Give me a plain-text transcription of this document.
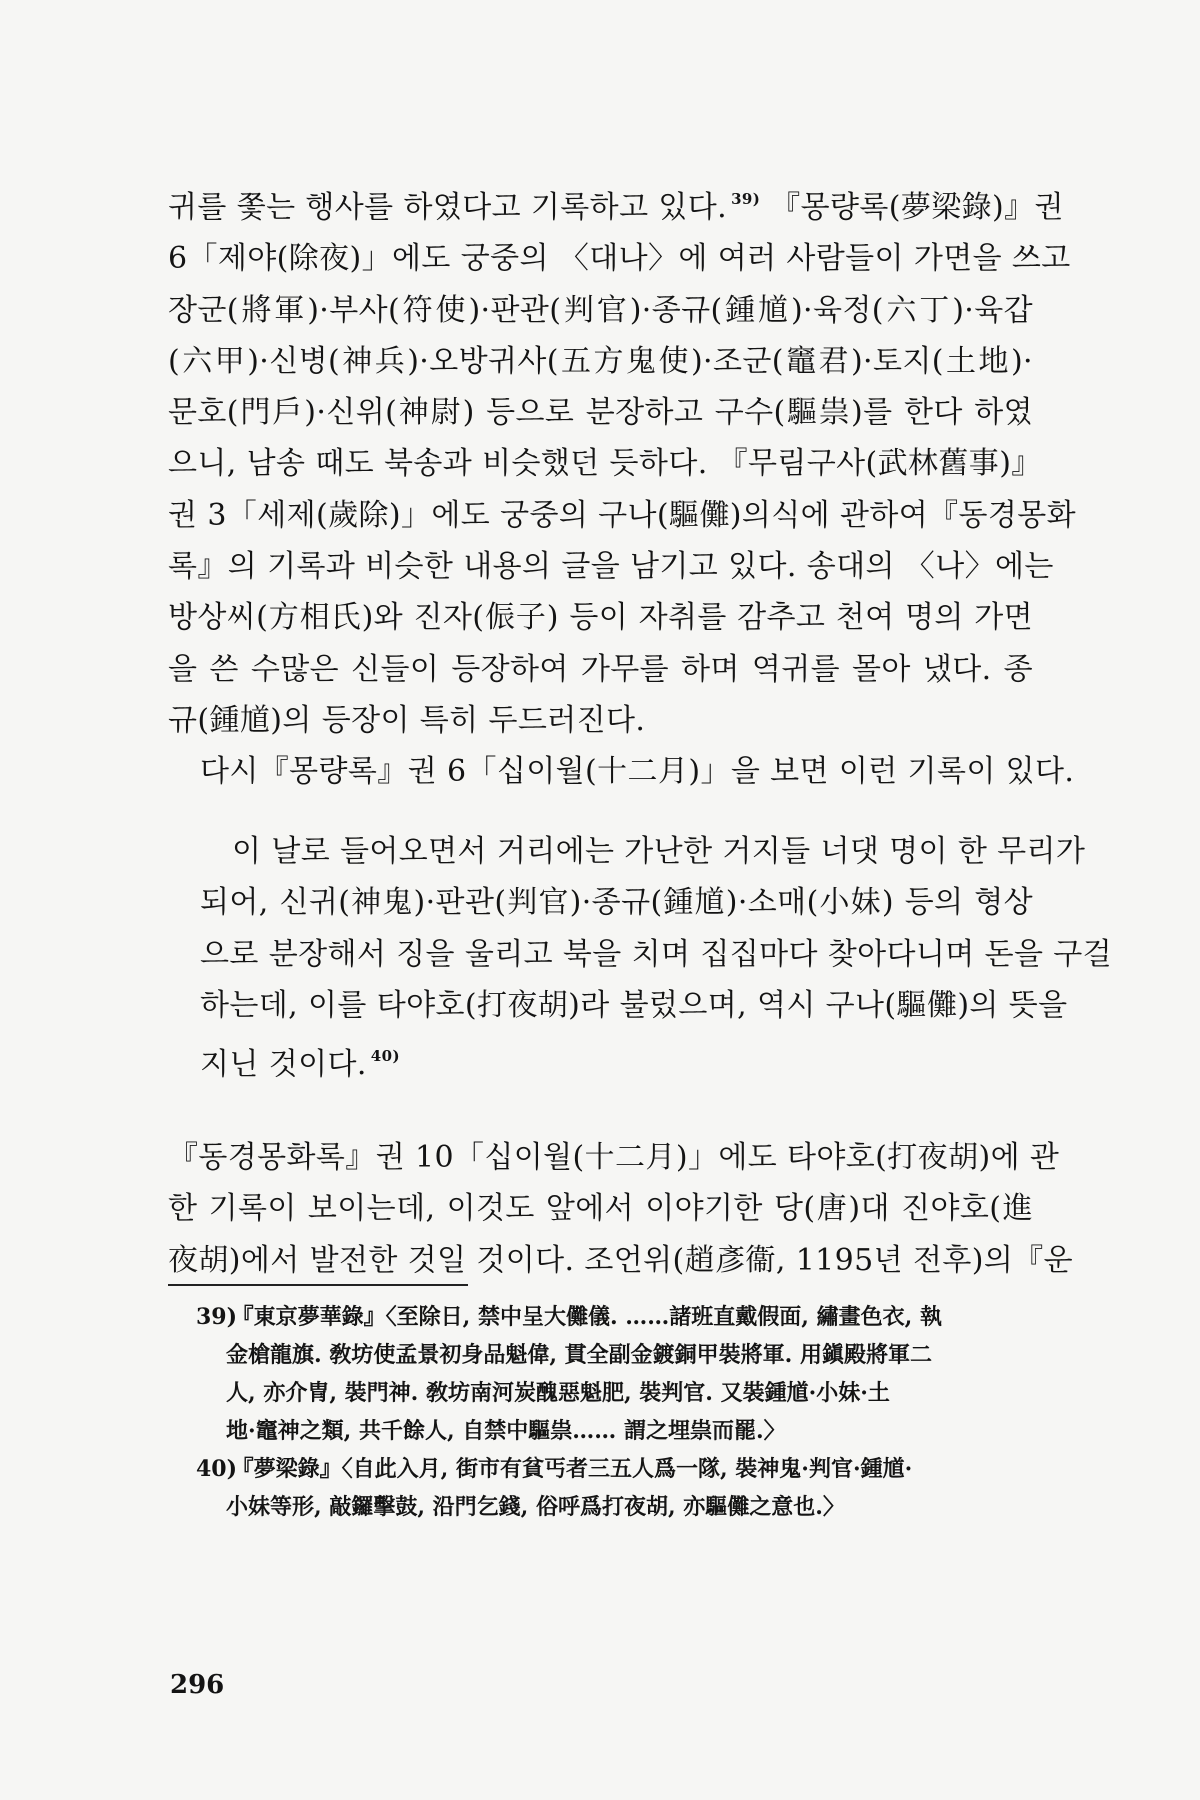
귀를 쫓는 행사를 하였다고 기록하고 있다. $^{39)}$ 『몽량록(夢梁錄)』권
6「제야(除夜)」에도 궁중의 〈대나〉에 여러 사람들이 가면을 쓰고
장군(將軍)·부사(符使)·판관(判官)·종규(鍾馗)·육정(六丁)·육갑
(六甲)·신병(神兵)·오방귀사(五方鬼使)·조군(竈君)·토지(土地)·
문호(門戶)·신위(神尉) 등으로 분장하고 구수(驅祟)를 한다 하였
으니, 남송 때도 북송과 비슷했던 듯하다. 『무림구사(武林舊事)』
권 3「세제(歲除)」에도 궁중의 구나(驅儺)의식에 관하여『동경몽화
록』의 기록과 비슷한 내용의 글을 남기고 있다. 송대의 〈나〉에는
방상씨(方相氏)와 진자(侲子) 등이 자취를 감추고 천여 명의 가면
을 쓴 수많은 신들이 등장하여 가무를 하며 역귀를 몰아 냈다. 종
규(鍾馗)의 등장이 특히 두드러진다.
다시『몽량록』권 6「십이월(十二月)」을 보면 이런 기록이 있다.
이 날로 들어오면서 거리에는 가난한 거지들 너댓 명이 한 무리가
되어, 신귀(神鬼)·판관(判官)·종규(鍾馗)·소매(小妹) 등의 형상
으로 분장해서 징을 울리고 북을 치며 집집마다 찾아다니며 돈을 구걸
하는데, 이를 타야호(打夜胡)라 불렀으며, 역시 구나(驅儺)의 뜻을
지닌 것이다. $^{40)}$
『동경몽화록』권 10「십이월(十二月)」에도 타야호(打夜胡)에 관
한 기록이 보이는데, 이것도 앞에서 이야기한 당(唐)대 진야호(進
夜胡)에서 발전한 것일 것이다. 조언위(趙彥衞, 1195년 전후)의『운
39) 『東京夢華錄』〈至除日, 禁中呈大儺儀. ……諸班直戴假面, 繡畫色衣, 執
金槍龍旗. 敎坊使孟景初身品魁偉, 貫全副金鍍銅甲裝將軍. 用鎭殿將軍二
人, 亦介冑, 裝門神. 敎坊南河炭醜惡魁肥, 裝判官. 又裝鍾馗·小妹·土
地·竈神之類, 共千餘人, 自禁中驅祟…… 謂之埋祟而罷.〉
40) 『夢梁錄』〈自此入月, 街市有貧丐者三五人爲一隊, 裝神鬼·判官·鍾馗·
小妹等形, 敲鑼擊鼓, 沿門乞錢, 俗呼爲打夜胡, 亦驅儺之意也.〉
296
